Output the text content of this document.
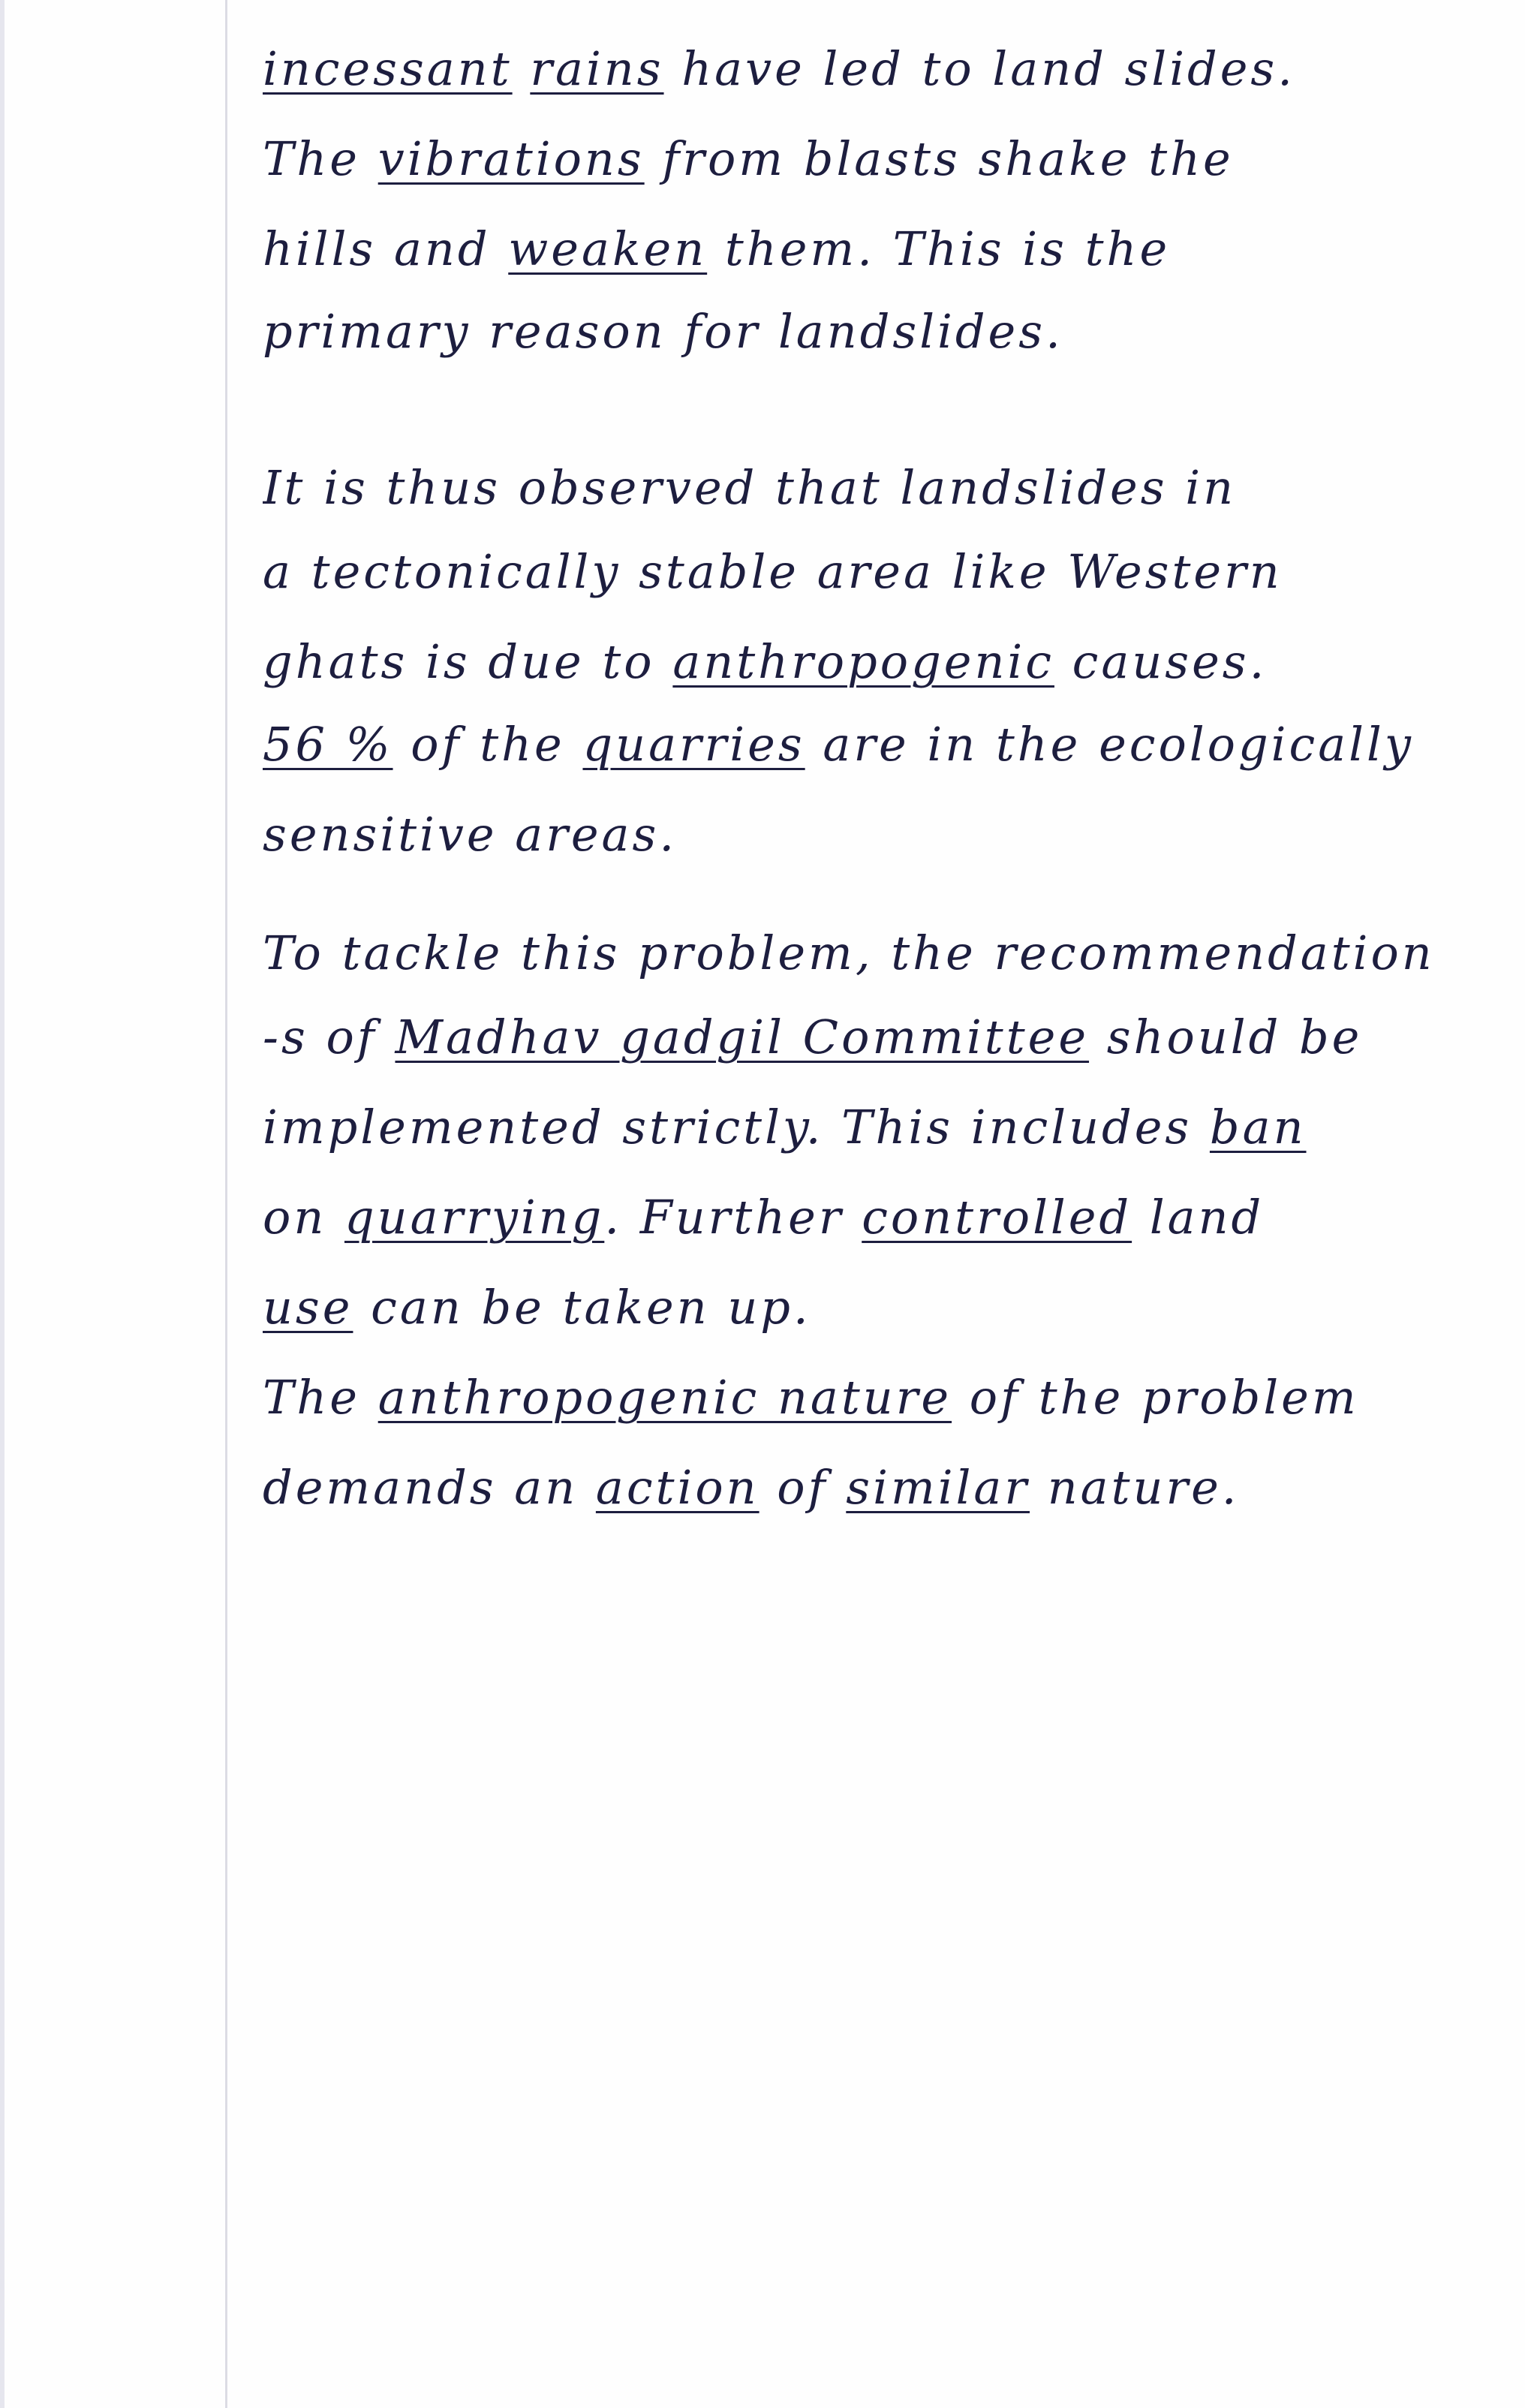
incessant rains have led to land slides.
The vibrations from blasts shake the
hills and weaken them. This is the
primary reason for landslides.
It is thus observed that landslides in
a tectonically stable area like Western
ghats is due to anthropogenic causes.
56 % of the quarries are in the ecologically
sensitive areas.
To tackle this problem, the recommendation
-s of Madhav gadgil Committee should be
implemented strictly. This includes ban
on quarrying. Further controlled land
use can be taken up.
The anthropogenic nature of the problem
demands an action of similar nature.
